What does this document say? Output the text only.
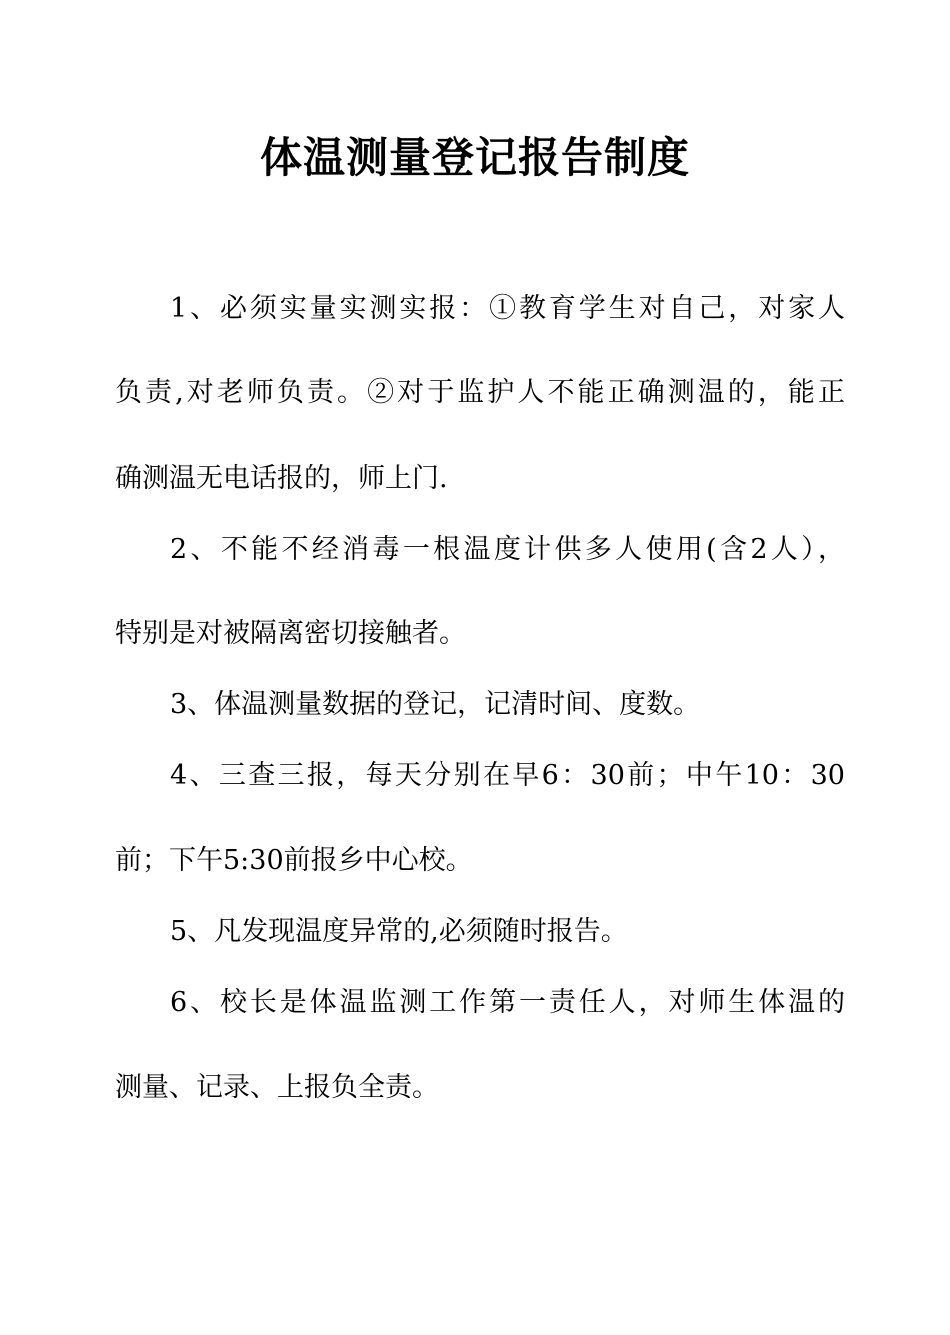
体温测量登记报告制度

1、必须实量实测实报：①教育学生对自己，对家人

负责,对老师负责。②对于监护人不能正确测温的，能正

确测温无电话报的，师上门.

2、不能不经消毒一根温度计供多人使用(含2人），

特别是对被隔离密切接触者。

3、体温测量数据的登记，记清时间、度数。

4、三查三报，每天分别在早6：30前；中午10：30

前；下午5:30前报乡中心校。

5、凡发现温度异常的,必须随时报告。

6、校长是体温监测工作第一责任人，对师生体温的

测量、记录、上报负全责。
